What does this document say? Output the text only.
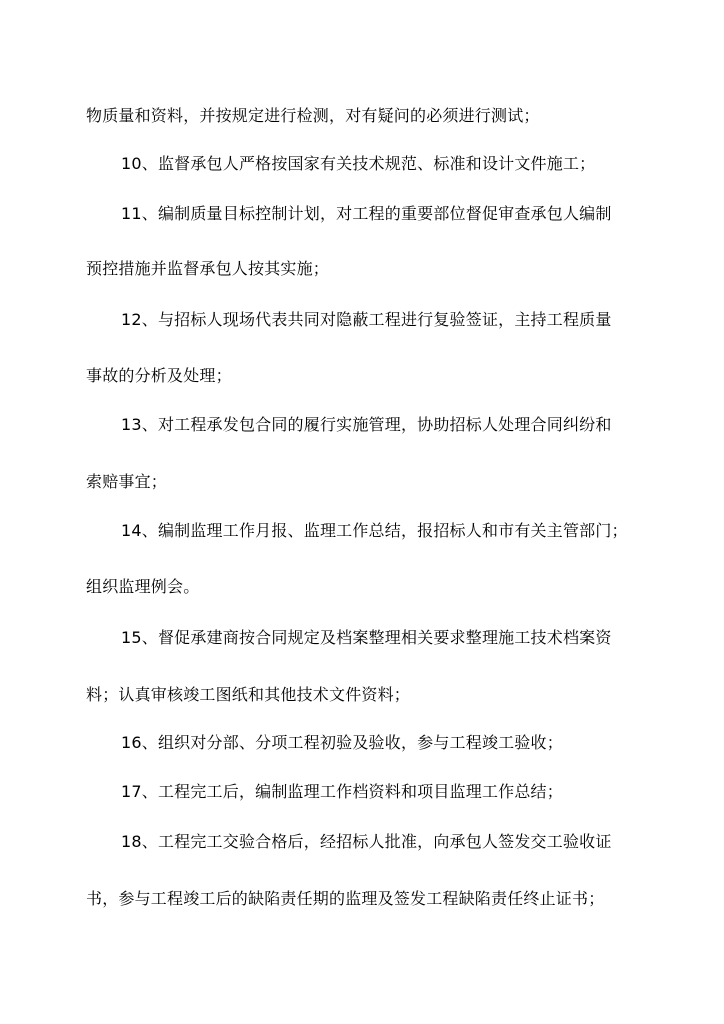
物质量和资料，并按规定进行检测，对有疑问的必须进行测试；
10、监督承包人严格按国家有关技术规范、标准和设计文件施工；
11、编制质量目标控制计划，对工程的重要部位督促审查承包人编制
预控措施并监督承包人按其实施；
12、与招标人现场代表共同对隐蔽工程进行复验签证，主持工程质量
事故的分析及处理；
13、对工程承发包合同的履行实施管理，协助招标人处理合同纠纷和
索赔事宜；
14、编制监理工作月报、监理工作总结，报招标人和市有关主管部门；
组织监理例会。
15、督促承建商按合同规定及档案整理相关要求整理施工技术档案资
料；认真审核竣工图纸和其他技术文件资料；
16、组织对分部、分项工程初验及验收，参与工程竣工验收；
17、工程完工后，编制监理工作档资料和项目监理工作总结；
18、工程完工交验合格后，经招标人批准，向承包人签发交工验收证
书，参与工程竣工后的缺陷责任期的监理及签发工程缺陷责任终止证书；
